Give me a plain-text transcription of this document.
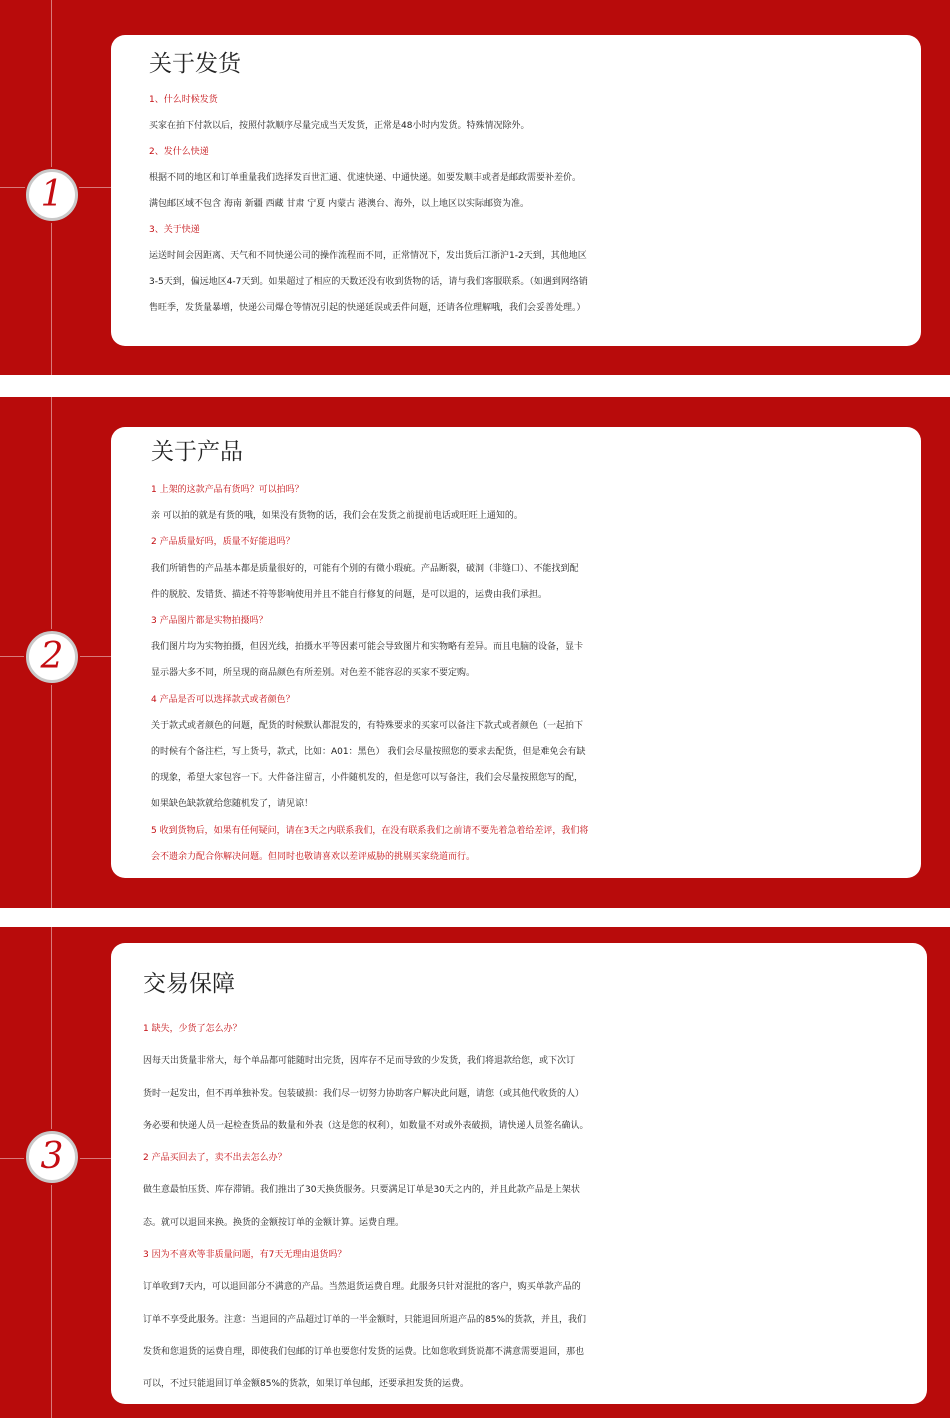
1
关于发货

1、什么时候发货

买家在拍下付款以后，按照付款顺序尽量完成当天发货，正常是48小时内发货。特殊情况除外。

2、发什么快递

根据不同的地区和订单重量我们选择发百世汇通、优速快递、中通快递。如要发顺丰或者是邮政需要补差价。
满包邮区域不包含 海南 新疆 西藏 甘肃 宁夏 内蒙古 港澳台、海外，以上地区以实际邮资为准。

3、关于快递

运送时间会因距离、天气和不同快递公司的操作流程而不同，正常情况下，发出货后江浙沪1-2天到，其他地区
3-5天到，偏远地区4-7天到。如果超过了相应的天数还没有收到货物的话，请与我们客服联系。（如遇到网络销
售旺季，发货量暴增，快递公司爆仓等情况引起的快递延误或丢件问题，还请各位理解哦，我们会妥善处理。）

2
关于产品

1 上架的这款产品有货吗？可以拍吗？

亲 可以拍的就是有货的哦，如果没有货物的话，我们会在发货之前提前电话或旺旺上通知的。

2 产品质量好吗，质量不好能退吗？

我们所销售的产品基本都是质量很好的，可能有个别的有微小瑕疵。产品断裂，破洞（非缝口）、不能找到配
件的脱胶、发错货、描述不符等影响使用并且不能自行修复的问题，是可以退的，运费由我们承担。

3 产品图片都是实物拍摄吗？

我们图片均为实物拍摄，但因光线，拍摄水平等因素可能会导致图片和实物略有差异。而且电脑的设备，显卡
显示器大多不同，所呈现的商品颜色有所差别。对色差不能容忍的买家不要定购。

4 产品是否可以选择款式或者颜色？

关于款式或者颜色的问题，配货的时候默认都混发的，有特殊要求的买家可以备注下款式或者颜色（一起拍下
的时候有个备注栏，写上货号，款式，比如：A01：黑色） 我们会尽量按照您的要求去配货，但是难免会有缺
的现象，希望大家包容一下。大件备注留言，小件随机发的，但是您可以写备注，我们会尽量按照您写的配，
如果缺色缺款就给您随机发了，请见谅！

5 收到货物后，如果有任何疑问，请在3天之内联系我们，在没有联系我们之前请不要先着急着给差评，我们将
会不遗余力配合你解决问题。但同时也敬请喜欢以差评威胁的挑剔买家绕道而行。

3
交易保障

1 缺失，少货了怎么办？

因每天出货量非常大，每个单品都可能随时出完货，因库存不足而导致的少发货，我们将退款给您，或下次订
货时一起发出，但不再单独补发。包装破损：我们尽一切努力协助客户解决此问题，请您（或其他代收货的人）
务必要和快递人员一起检查货品的数量和外表（这是您的权利），如数量不对或外表破损，请快递人员签名确认。

2 产品买回去了，卖不出去怎么办？

做生意最怕压货、库存滞销。我们推出了30天换货服务。只要满足订单是30天之内的，并且此款产品是上架状
态。就可以退回来换。换货的金额按订单的金额计算。运费自理。

3 因为不喜欢等非质量问题，有7天无理由退货吗？

订单收到7天内，可以退回部分不满意的产品。当然退货运费自理。此服务只针对混批的客户，购买单款产品的
订单不享受此服务。注意：当退回的产品超过订单的一半金额时，只能退回所退产品的85%的货款，并且，我们
发货和您退货的运费自理，即使我们包邮的订单也要您付发货的运费。比如您收到货说都不满意需要退回，那也
可以，不过只能退回订单金额85%的货款，如果订单包邮，还要承担发货的运费。
